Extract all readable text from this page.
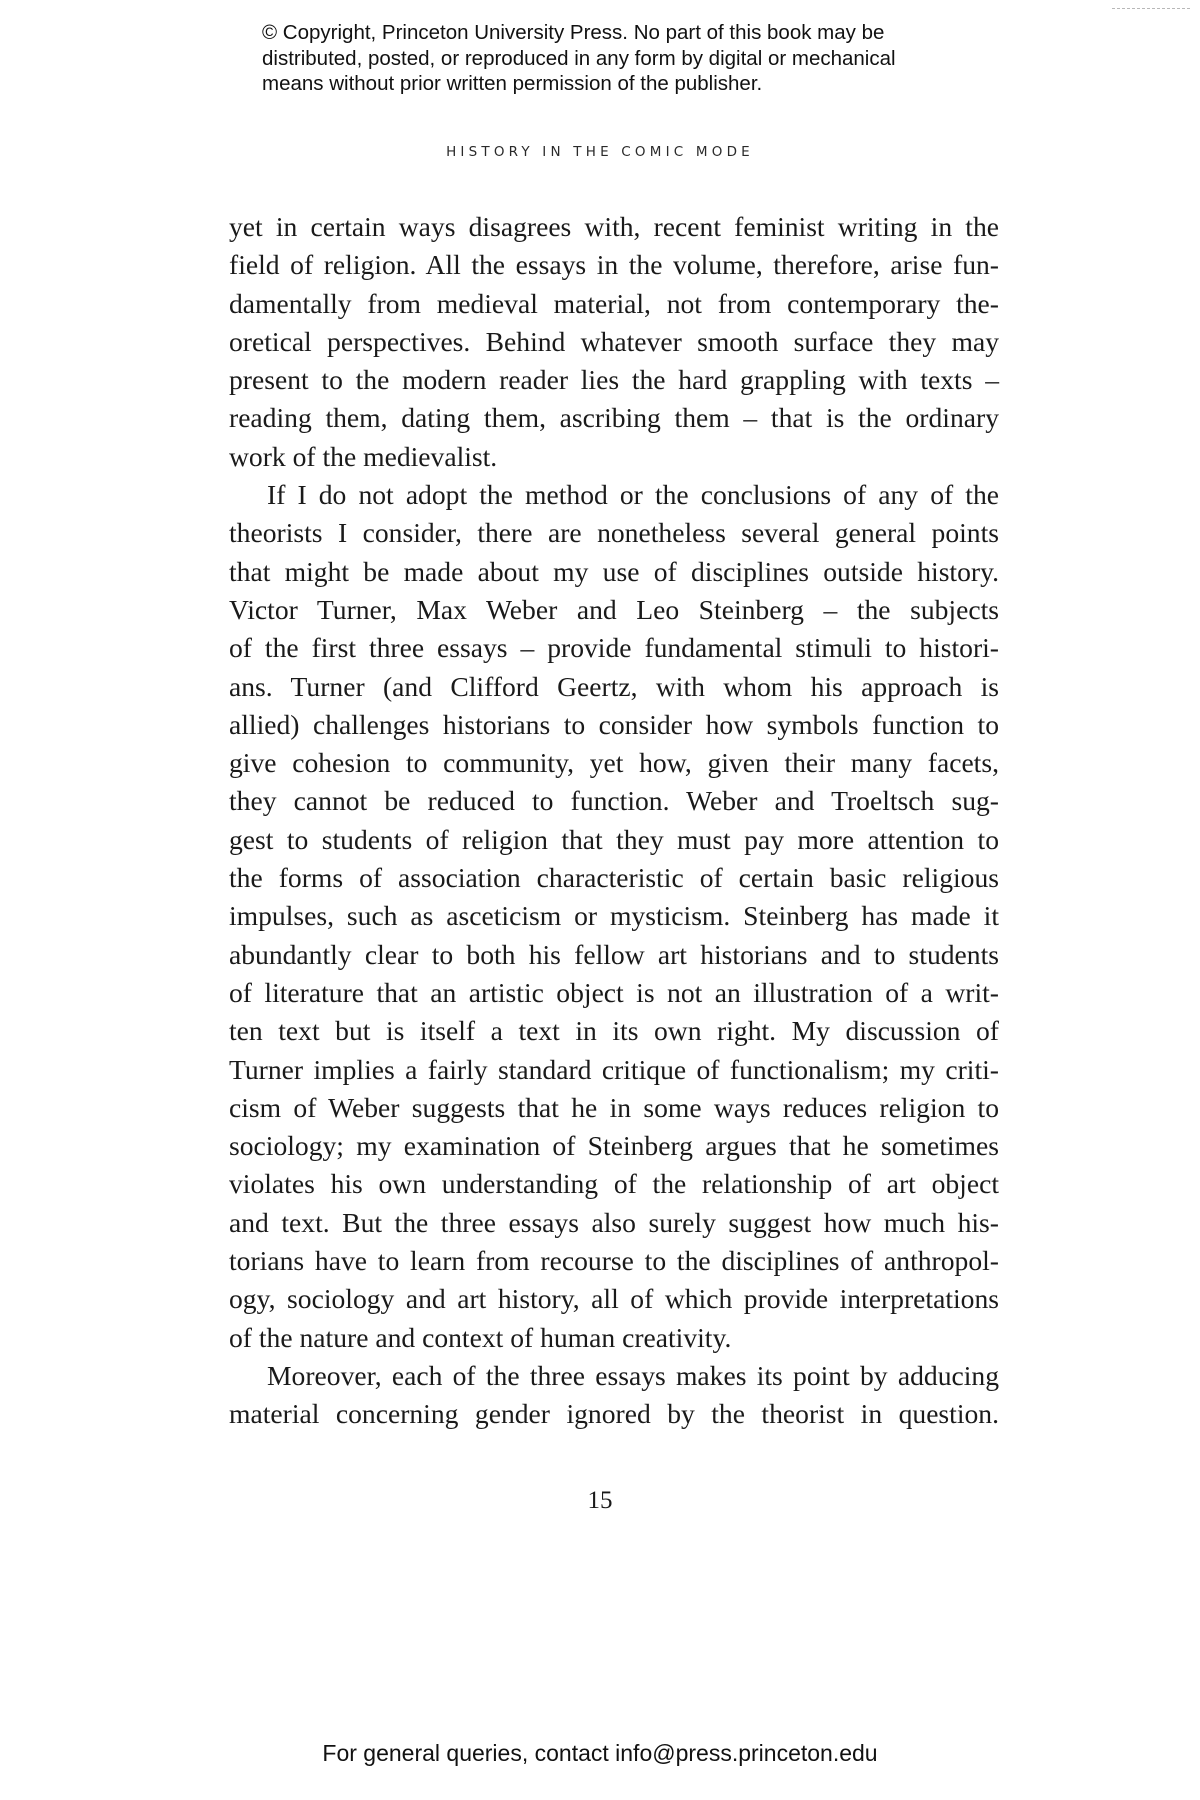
© Copyright, Princeton University Press. No part of this book may be
distributed, posted, or reproduced in any form by digital or mechanical
means without prior written permission of the publisher.
HISTORY IN THE COMIC MODE
yet in certain ways disagrees with, recent feminist writing in the
field of religion. All the essays in the volume, therefore, arise fun-
damentally from medieval material, not from contemporary the-
oretical perspectives. Behind whatever smooth surface they may
present to the modern reader lies the hard grappling with texts –
reading them, dating them, ascribing them – that is the ordinary
work of the medievalist.
If I do not adopt the method or the conclusions of any of the
theorists I consider, there are nonetheless several general points
that might be made about my use of disciplines outside history.
Victor Turner, Max Weber and Leo Steinberg – the subjects
of the first three essays – provide fundamental stimuli to histori-
ans. Turner (and Clifford Geertz, with whom his approach is
allied) challenges historians to consider how symbols function to
give cohesion to community, yet how, given their many facets,
they cannot be reduced to function. Weber and Troeltsch sug-
gest to students of religion that they must pay more attention to
the forms of association characteristic of certain basic religious
impulses, such as asceticism or mysticism. Steinberg has made it
abundantly clear to both his fellow art historians and to students
of literature that an artistic object is not an illustration of a writ-
ten text but is itself a text in its own right. My discussion of
Turner implies a fairly standard critique of functionalism; my criti-
cism of Weber suggests that he in some ways reduces religion to
sociology; my examination of Steinberg argues that he sometimes
violates his own understanding of the relationship of art object
and text. But the three essays also surely suggest how much his-
torians have to learn from recourse to the disciplines of anthropol-
ogy, sociology and art history, all of which provide interpretations
of the nature and context of human creativity.
Moreover, each of the three essays makes its point by adducing
material concerning gender ignored by the theorist in question.
15
For general queries, contact info@press.princeton.edu
